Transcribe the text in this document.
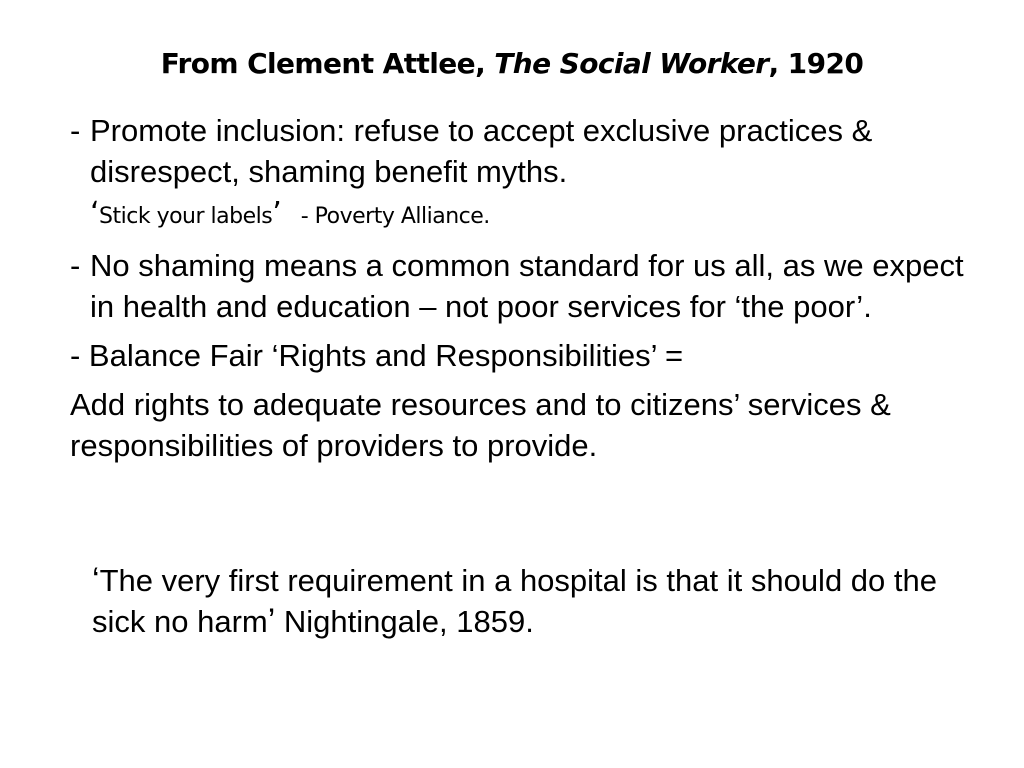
From Clement Attlee, The Social Worker, 1920
- Promote inclusion: refuse to accept exclusive practices & disrespect, shaming benefit myths.
‘Stick your labels’ - Poverty Alliance.
- No shaming means a common standard for us all, as we expect in health and education – not poor services for ‘the poor’.
- Balance Fair ‘Rights and Responsibilities’ =
Add rights to adequate resources and to citizens’ services & responsibilities of providers to provide.
‘The very first requirement in a hospital is that it should do the sick no harm’ Nightingale, 1859.
